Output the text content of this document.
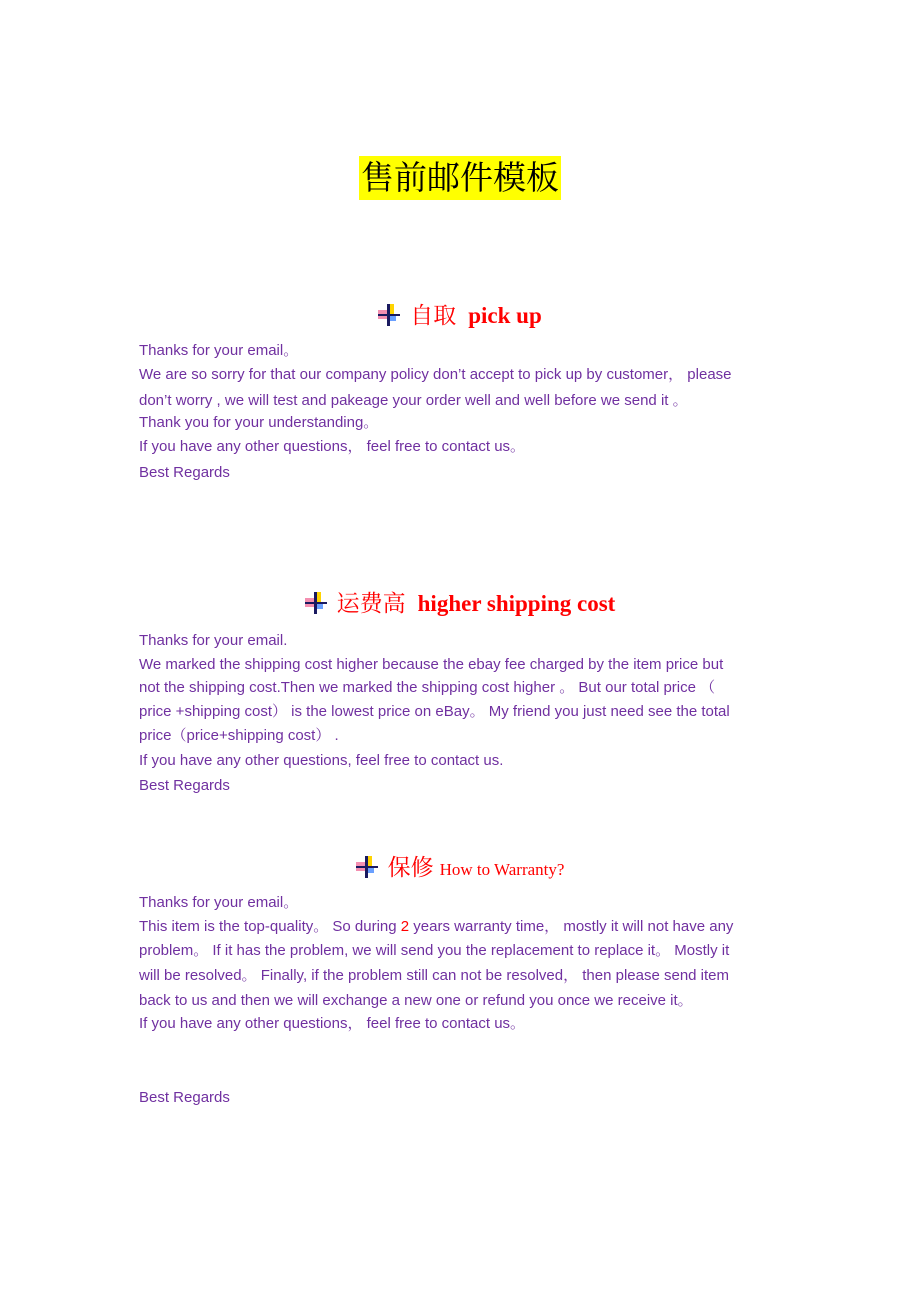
售前邮件模板
自取 pick up
Thanks for your email。
We are so sorry for that our company policy don’t accept to pick up by customer， please
don’t worry , we will test and pakeage your order well and well before we send it 。
Thank you for your understanding。
If you have any other questions， feel free to contact us。
Best Regards
运费高 higher shipping cost
Thanks for your email.
We marked the shipping cost higher because the ebay fee charged by the item price but
not the shipping cost.Then we marked the shipping cost higher 。 But our total price （
price +shipping cost） is the lowest price on eBay。 My friend you just need see the total
price（price+shipping cost） .
If you have any other questions, feel free to contact us.
Best Regards
保修 How to Warranty?
Thanks for your email。
This item is the top-quality。 So during 2 years warranty time， mostly it will not have any
problem。 If it has the problem, we will send you the replacement to replace it。 Mostly it
will be resolved。 Finally, if the problem still can not be resolved， then please send item
back to us and then we will exchange a new one or refund you once we receive it。
If you have any other questions， feel free to contact us。
Best Regards
